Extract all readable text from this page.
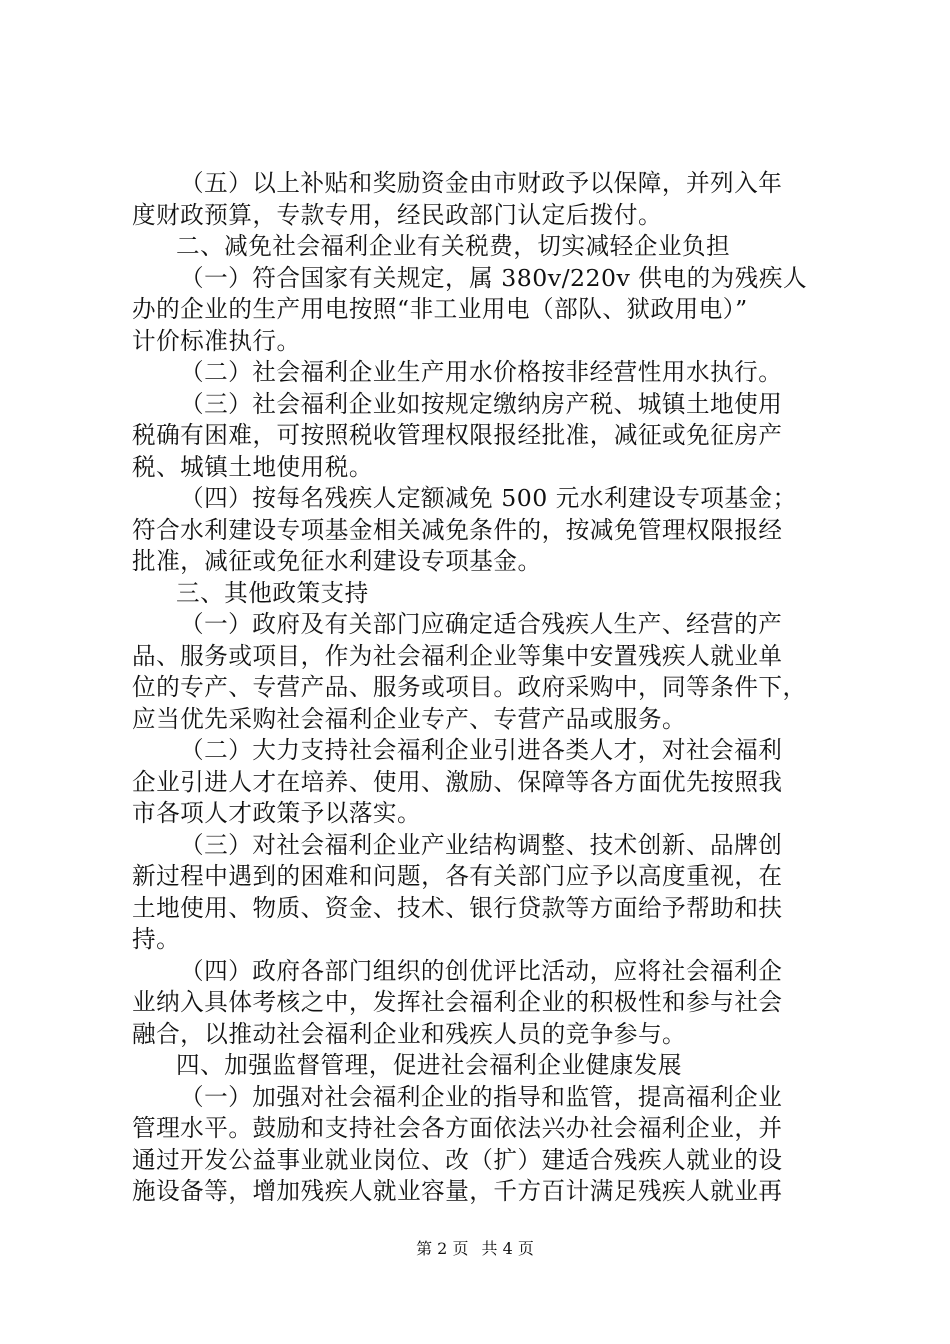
（五）以上补贴和奖励资金由市财政予以保障，并列入年
度财政预算，专款专用，经民政部门认定后拨付。
二、减免社会福利企业有关税费，切实减轻企业负担
（一）符合国家有关规定，属 380v/220v 供电的为残疾人
办的企业的生产用电按照“非工业用电（部队、狱政用电）”
计价标准执行。
（二）社会福利企业生产用水价格按非经营性用水执行。
（三）社会福利企业如按规定缴纳房产税、城镇土地使用
税确有困难，可按照税收管理权限报经批准，减征或免征房产
税、城镇土地使用税。
（四）按每名残疾人定额减免 500 元水利建设专项基金；
符合水利建设专项基金相关减免条件的，按减免管理权限报经
批准，减征或免征水利建设专项基金。
三、其他政策支持
（一）政府及有关部门应确定适合残疾人生产、经营的产
品、服务或项目，作为社会福利企业等集中安置残疾人就业单
位的专产、专营产品、服务或项目。政府采购中，同等条件下，
应当优先采购社会福利企业专产、专营产品或服务。
（二）大力支持社会福利企业引进各类人才，对社会福利
企业引进人才在培养、使用、激励、保障等各方面优先按照我
市各项人才政策予以落实。
（三）对社会福利企业产业结构调整、技术创新、品牌创
新过程中遇到的困难和问题，各有关部门应予以高度重视，在
土地使用、物质、资金、技术、银行贷款等方面给予帮助和扶
持。
（四）政府各部门组织的创优评比活动，应将社会福利企
业纳入具体考核之中，发挥社会福利企业的积极性和参与社会
融合，以推动社会福利企业和残疾人员的竞争参与。
四、加强监督管理，促进社会福利企业健康发展
（一）加强对社会福利企业的指导和监管，提高福利企业
管理水平。鼓励和支持社会各方面依法兴办社会福利企业，并
通过开发公益事业就业岗位、改（扩）建适合残疾人就业的设
施设备等，增加残疾人就业容量，千方百计满足残疾人就业再
第 2 页 共 4 页
